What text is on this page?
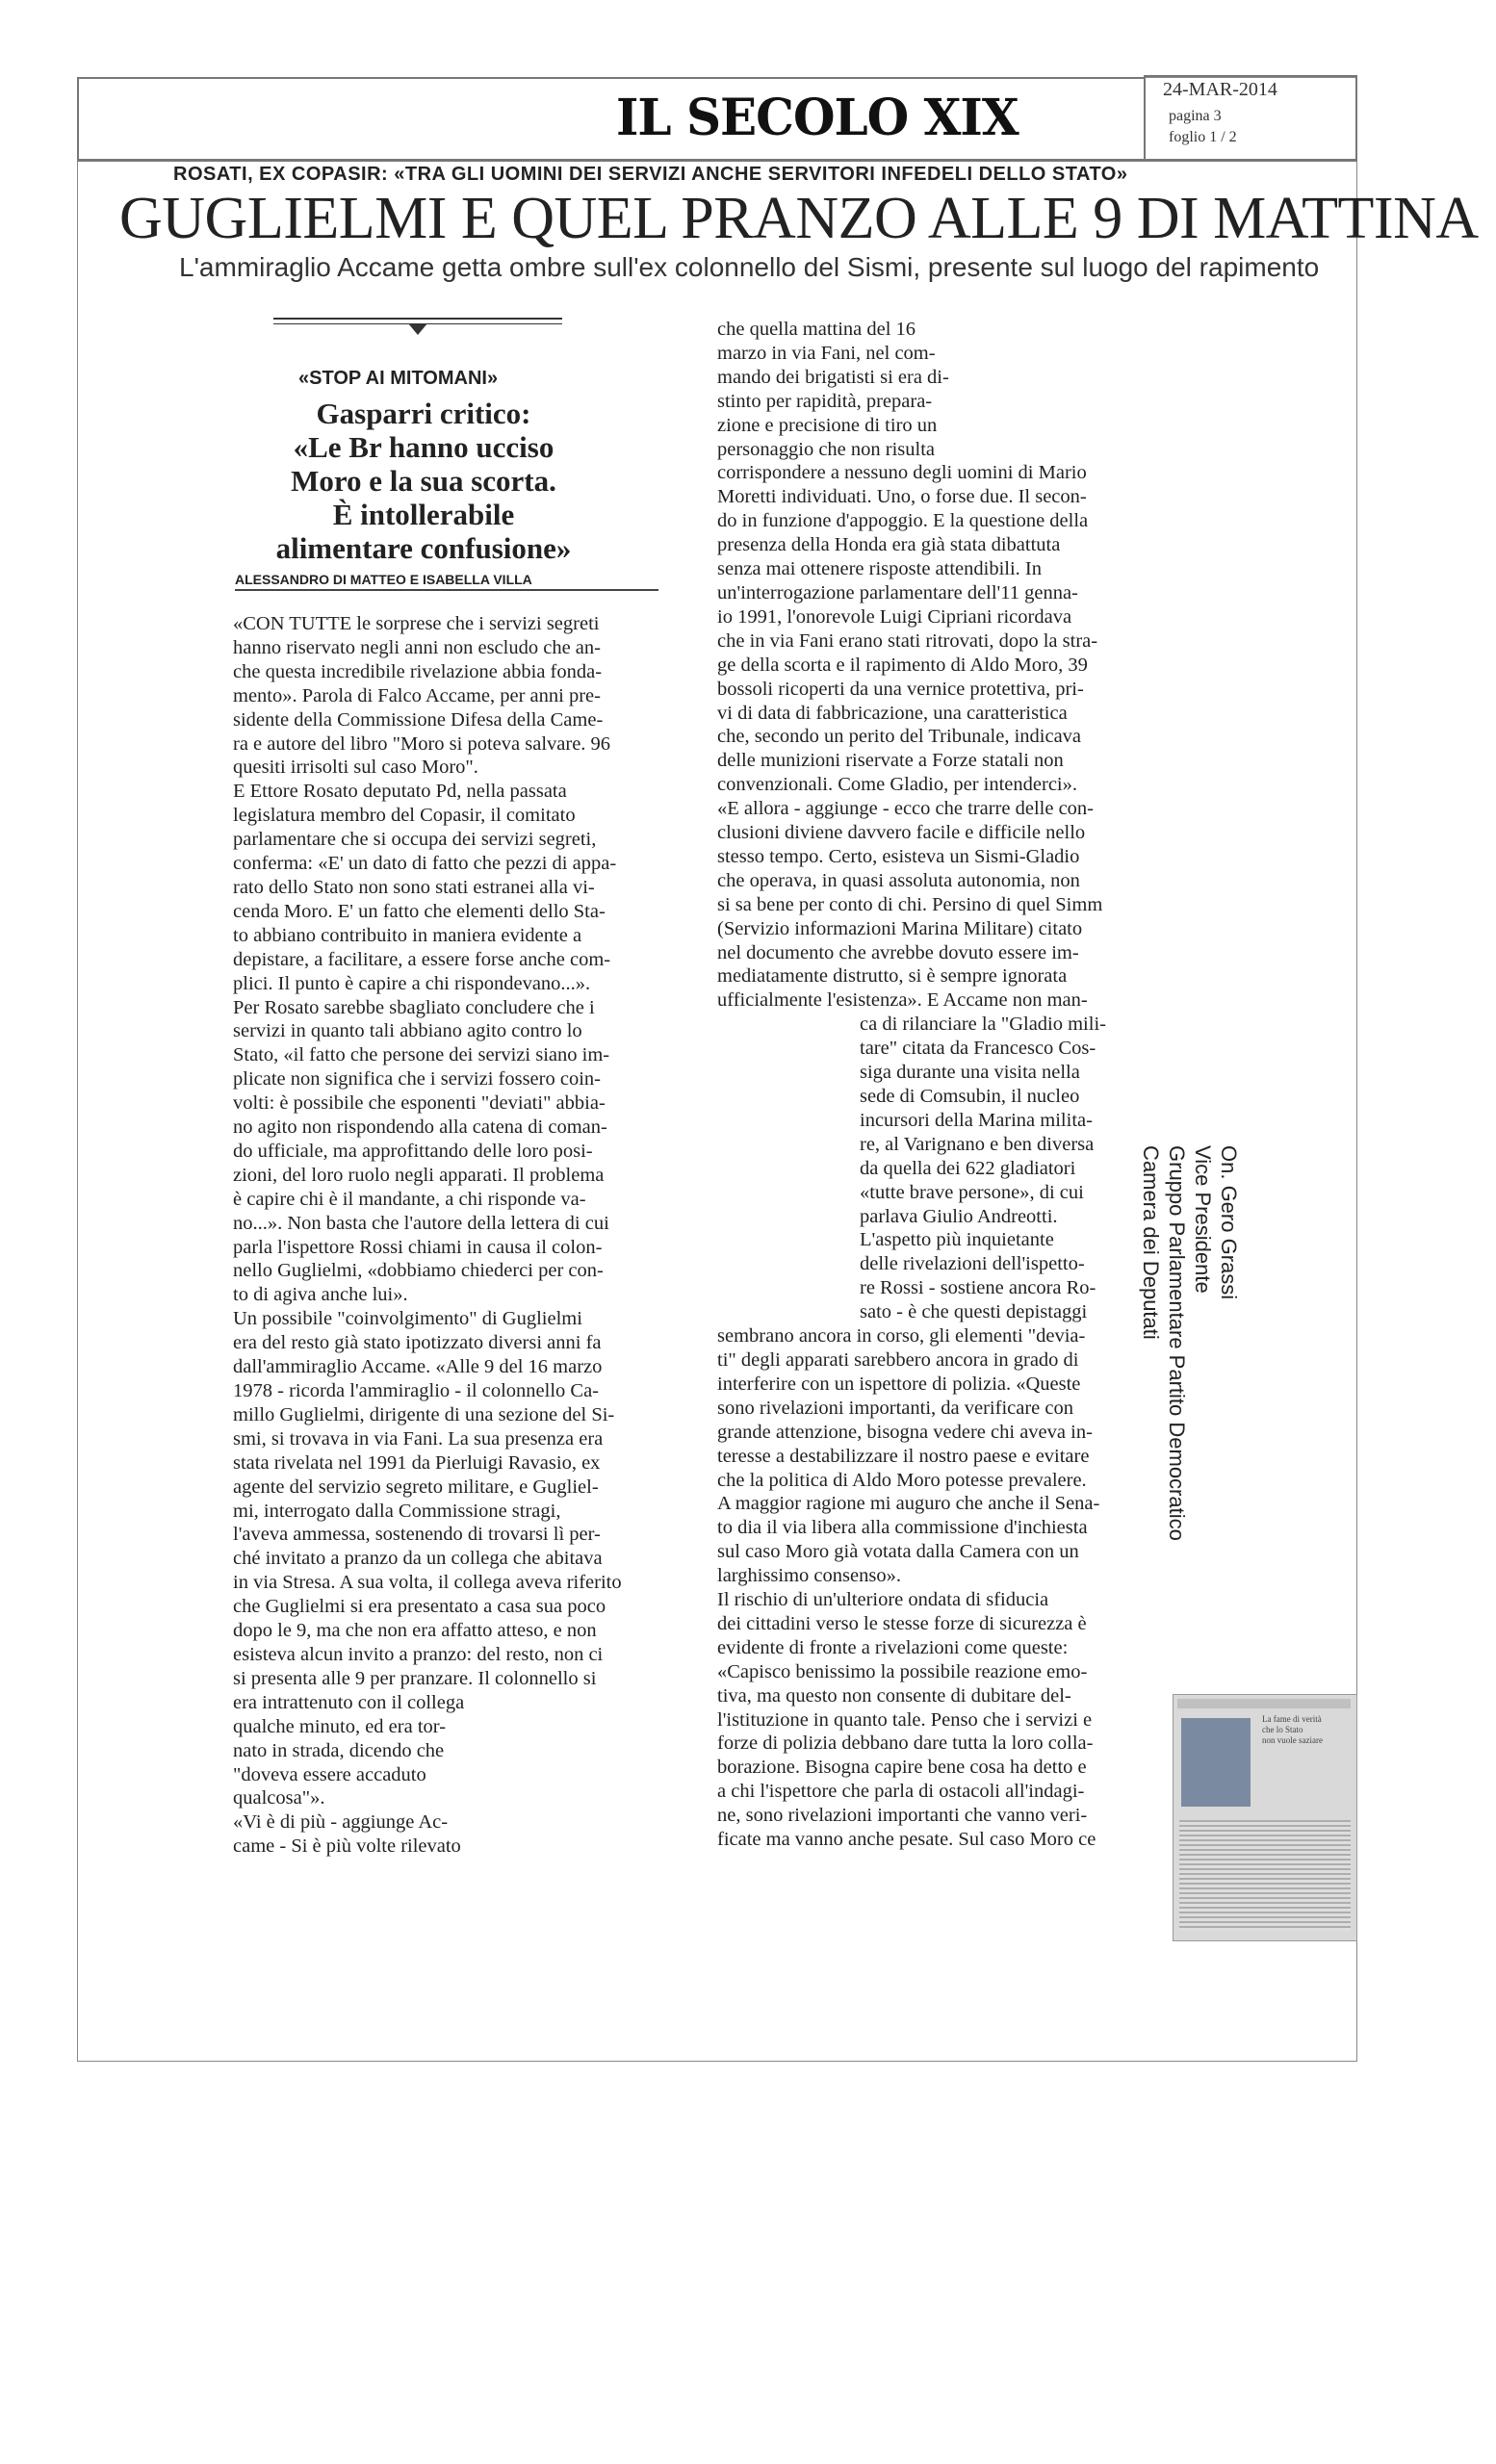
IL SECOLO XIX	24-MAR-2014
pagina 3
foglio 1 / 2
ROSATI, EX COPASIR: «TRA GLI UOMINI DEI SERVIZI ANCHE SERVITORI INFEDELI DELLO STATO»
GUGLIELMI E QUEL PRANZO ALLE 9 DI MATTINA
L'ammiraglio Accame getta ombre sull'ex colonnello del Sismi, presente sul luogo del rapimento
«STOP AI MITOMANI»
Gasparri critico:
«Le Br hanno ucciso
Moro e la sua scorta.
È intollerabile
alimentare confusione»
ALESSANDRO DI MATTEO E ISABELLA VILLA
«CON TUTTE le sorprese che i servizi segreti
hanno riservato negli anni non escludo che an-
che questa incredibile rivelazione abbia fonda-
mento». Parola di Falco Accame, per anni pre-
sidente della Commissione Difesa della Came-
ra e autore del libro "Moro si poteva salvare. 96
quesiti irrisolti sul caso Moro".
E Ettore Rosato deputato Pd, nella passata
legislatura membro del Copasir, il comitato
parlamentare che si occupa dei servizi segreti,
conferma: «E' un dato di fatto che pezzi di appa-
rato dello Stato non sono stati estranei alla vi-
cenda Moro. E' un fatto che elementi dello Sta-
to abbiano contribuito in maniera evidente a
depistare, a facilitare, a essere forse anche com-
plici. Il punto è capire a chi rispondevano...».
Per Rosato sarebbe sbagliato concludere che i
servizi in quanto tali abbiano agito contro lo
Stato, «il fatto che persone dei servizi siano im-
plicate non significa che i servizi fossero coin-
volti: è possibile che esponenti "deviati" abbia-
no agito non rispondendo alla catena di coman-
do ufficiale, ma approfittando delle loro posi-
zioni, del loro ruolo negli apparati. Il problema
è capire chi è il mandante, a chi risponde va-
no...». Non basta che l'autore della lettera di cui
parla l'ispettore Rossi chiami in causa il colon-
nello Guglielmi, «dobbiamo chiederci per con-
to di agiva anche lui».
Un possibile "coinvolgimento" di Guglielmi
era del resto già stato ipotizzato diversi anni fa
dall'ammiraglio Accame. «Alle 9 del 16 marzo
1978 - ricorda l'ammiraglio - il colonnello Ca-
millo Guglielmi, dirigente di una sezione del Si-
smi, si trovava in via Fani. La sua presenza era
stata rivelata nel 1991 da Pierluigi Ravasio, ex
agente del servizio segreto militare, e Gugliel-
mi, interrogato dalla Commissione stragi,
l'aveva ammessa, sostenendo di trovarsi lì per-
ché invitato a pranzo da un collega che abitava
in via Stresa. A sua volta, il collega aveva riferito
che Guglielmi si era presentato a casa sua poco
dopo le 9, ma che non era affatto atteso, e non
esisteva alcun invito a pranzo: del resto, non ci
si presenta alle 9 per pranzare. Il colonnello si
era intrattenuto con il collega
qualche minuto, ed era tor-
nato in strada, dicendo che
"doveva essere accaduto
qualcosa"».
«Vi è di più - aggiunge Ac-
came - Si è più volte rilevato
che quella mattina del 16
marzo in via Fani, nel com-
mando dei brigatisti si era di-
stinto per rapidità, prepara-
zione e precisione di tiro un
personaggio che non risulta
corrispondere a nessuno degli uomini di Mario
Moretti individuati. Uno, o forse due. Il secon-
do in funzione d'appoggio. E la questione della
presenza della Honda era già stata dibattuta
senza mai ottenere risposte attendibili. In
un'interrogazione parlamentare dell'11 genna-
io 1991, l'onorevole Luigi Cipriani ricordava
che in via Fani erano stati ritrovati, dopo la stra-
ge della scorta e il rapimento di Aldo Moro, 39
bossoli ricoperti da una vernice protettiva, pri-
vi di data di fabbricazione, una caratteristica
che, secondo un perito del Tribunale, indicava
delle munizioni riservate a Forze statali non
convenzionali. Come Gladio, per intenderci».
«E allora - aggiunge - ecco che trarre delle con-
clusioni diviene davvero facile e difficile nello
stesso tempo. Certo, esisteva un Sismi-Gladio
che operava, in quasi assoluta autonomia, non
si sa bene per conto di chi. Persino di quel Simm
(Servizio informazioni Marina Militare) citato
nel documento che avrebbe dovuto essere im-
mediatamente distrutto, si è sempre ignorata
ufficialmente l'esistenza». E Accame non man-
ca di rilanciare la "Gladio mili-
tare" citata da Francesco Cos-
siga durante una visita nella
sede di Comsubin, il nucleo
incursori della Marina milita-
re, al Varignano e ben diversa
da quella dei 622 gladiatori
«tutte brave persone», di cui
parlava Giulio Andreotti.
L'aspetto più inquietante
delle rivelazioni dell'ispetto-
re Rossi - sostiene ancora Ro-
sato - è che questi depistaggi
sembrano ancora in corso, gli elementi "devia-
ti" degli apparati sarebbero ancora in grado di
interferire con un ispettore di polizia. «Queste
sono rivelazioni importanti, da verificare con
grande attenzione, bisogna vedere chi aveva in-
teresse a destabilizzare il nostro paese e evitare
che la politica di Aldo Moro potesse prevalere.
A maggior ragione mi auguro che anche il Sena-
to dia il via libera alla commissione d'inchiesta
sul caso Moro già votata dalla Camera con un
larghissimo consenso».
Il rischio di un'ulteriore ondata di sfiducia
dei cittadini verso le stesse forze di sicurezza è
evidente di fronte a rivelazioni come queste:
«Capisco benissimo la possibile reazione emo-
tiva, ma questo non consente di dubitare del-
l'istituzione in quanto tale. Penso che i servizi e
forze di polizia debbano dare tutta la loro colla-
borazione. Bisogna capire bene cosa ha detto e
a chi l'ispettore che parla di ostacoli all'indagi-
ne, sono rivelazioni importanti che vanno veri-
ficate ma vanno anche pesate. Sul caso Moro ce
On. Gero Grassi
Vice Presidente
Gruppo Parlamentare Partito Democratico
Camera dei Deputati
La fame di verità
che lo Stato
non vuole saziare
